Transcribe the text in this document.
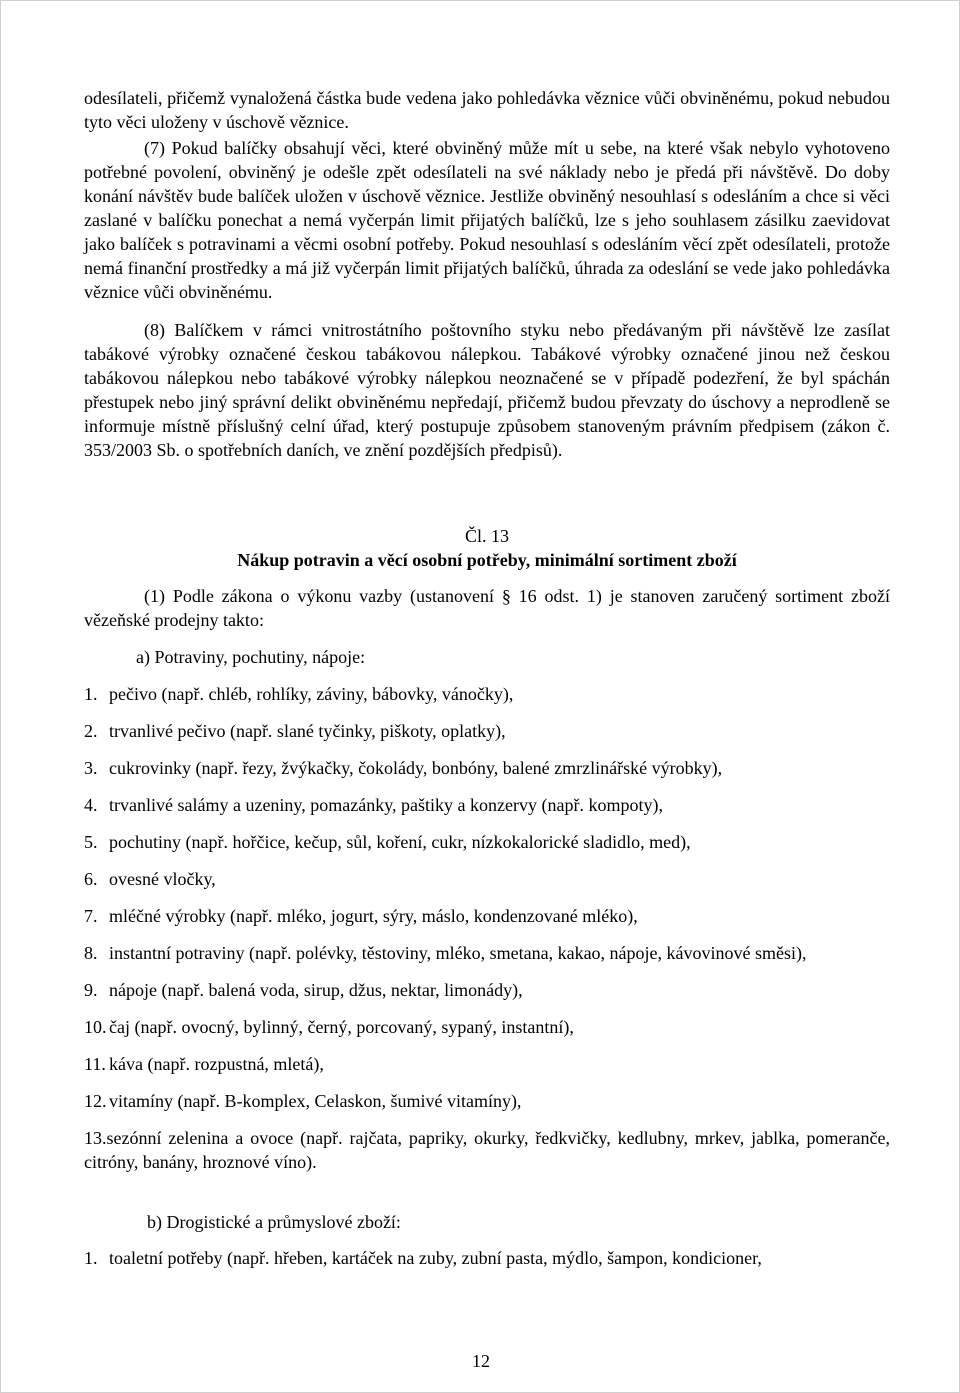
odesílateli, přičemž vynaložená částka bude vedena jako pohledávka věznice vůči obviněnému, pokud nebudou tyto věci uloženy v úschově věznice.

(7) Pokud balíčky obsahují věci, které obviněný může mít u sebe, na které však nebylo vyhotoveno potřebné povolení, obviněný je odešle zpět odesílateli na své náklady nebo je předá při návštěvě. Do doby konání návštěv bude balíček uložen v úschově věznice. Jestliže obviněný nesouhlasí s odesláním a chce si věci zaslané v balíčku ponechat a nemá vyčerpán limit přijatých balíčků, lze s jeho souhlasem zásilku zaevidovat jako balíček s potravinami a věcmi osobní potřeby. Pokud nesouhlasí s odesláním věcí zpět odesílateli, protože nemá finanční prostředky a má již vyčerpán limit přijatých balíčků, úhrada za odeslání se vede jako pohledávka věznice vůči obviněnému.

(8) Balíčkem v rámci vnitrostátního poštovního styku nebo předávaným při návštěvě lze zasílat tabákové výrobky označené českou tabákovou nálepkou. Tabákové výrobky označené jinou než českou tabákovou nálepkou nebo tabákové výrobky nálepkou neoznačené se v případě podezření, že byl spáchán přestupek nebo jiný správní delikt obviněnému nepředají, přičemž budou převzaty do úschovy a neprodleně se informuje místně příslušný celní úřad, který postupuje způsobem stanoveným právním předpisem (zákon č. 353/2003 Sb. o spotřebních daních, ve znění pozdějších předpisů).

Čl. 13

Nákup potravin a věcí osobní potřeby, minimální sortiment zboží

(1) Podle zákona o výkonu vazby (ustanovení § 16 odst. 1) je stanoven zaručený sortiment zboží vězeňské prodejny takto:

a) Potraviny, pochutiny, nápoje:

1. pečivo (např. chléb, rohlíky, záviny, bábovky, vánočky),
2. trvanlivé pečivo (např. slané tyčinky, piškoty, oplatky),
3. cukrovinky (např. řezy, žvýkačky, čokolády, bonbóny, balené zmrzlinářské výrobky),
4. trvanlivé salámy a uzeniny, pomazánky, paštiky a konzervy (např. kompoty),
5. pochutiny (např. hořčice, kečup, sůl, koření, cukr, nízkokalorické sladidlo, med),
6. ovesné vločky,
7. mléčné výrobky (např. mléko, jogurt, sýry, máslo, kondenzované mléko),
8. instantní potraviny (např. polévky, těstoviny, mléko, smetana, kakao, nápoje, kávovinové směsi),
9. nápoje (např. balená voda, sirup, džus, nektar, limonády),
10. čaj (např. ovocný, bylinný, černý, porcovaný, sypaný, instantní),
11. káva (např. rozpustná, mletá),
12. vitamíny (např. B-komplex, Celaskon, šumivé vitamíny),
13.sezónní zelenina a ovoce (např. rajčata, papriky, okurky, ředkvičky, kedlubny, mrkev, jablka, pomeranče, citróny, banány, hroznové víno).

b) Drogistické a průmyslové zboží:

1. toaletní potřeby (např. hřeben, kartáček na zuby, zubní pasta, mýdlo, šampon, kondicioner,
12
